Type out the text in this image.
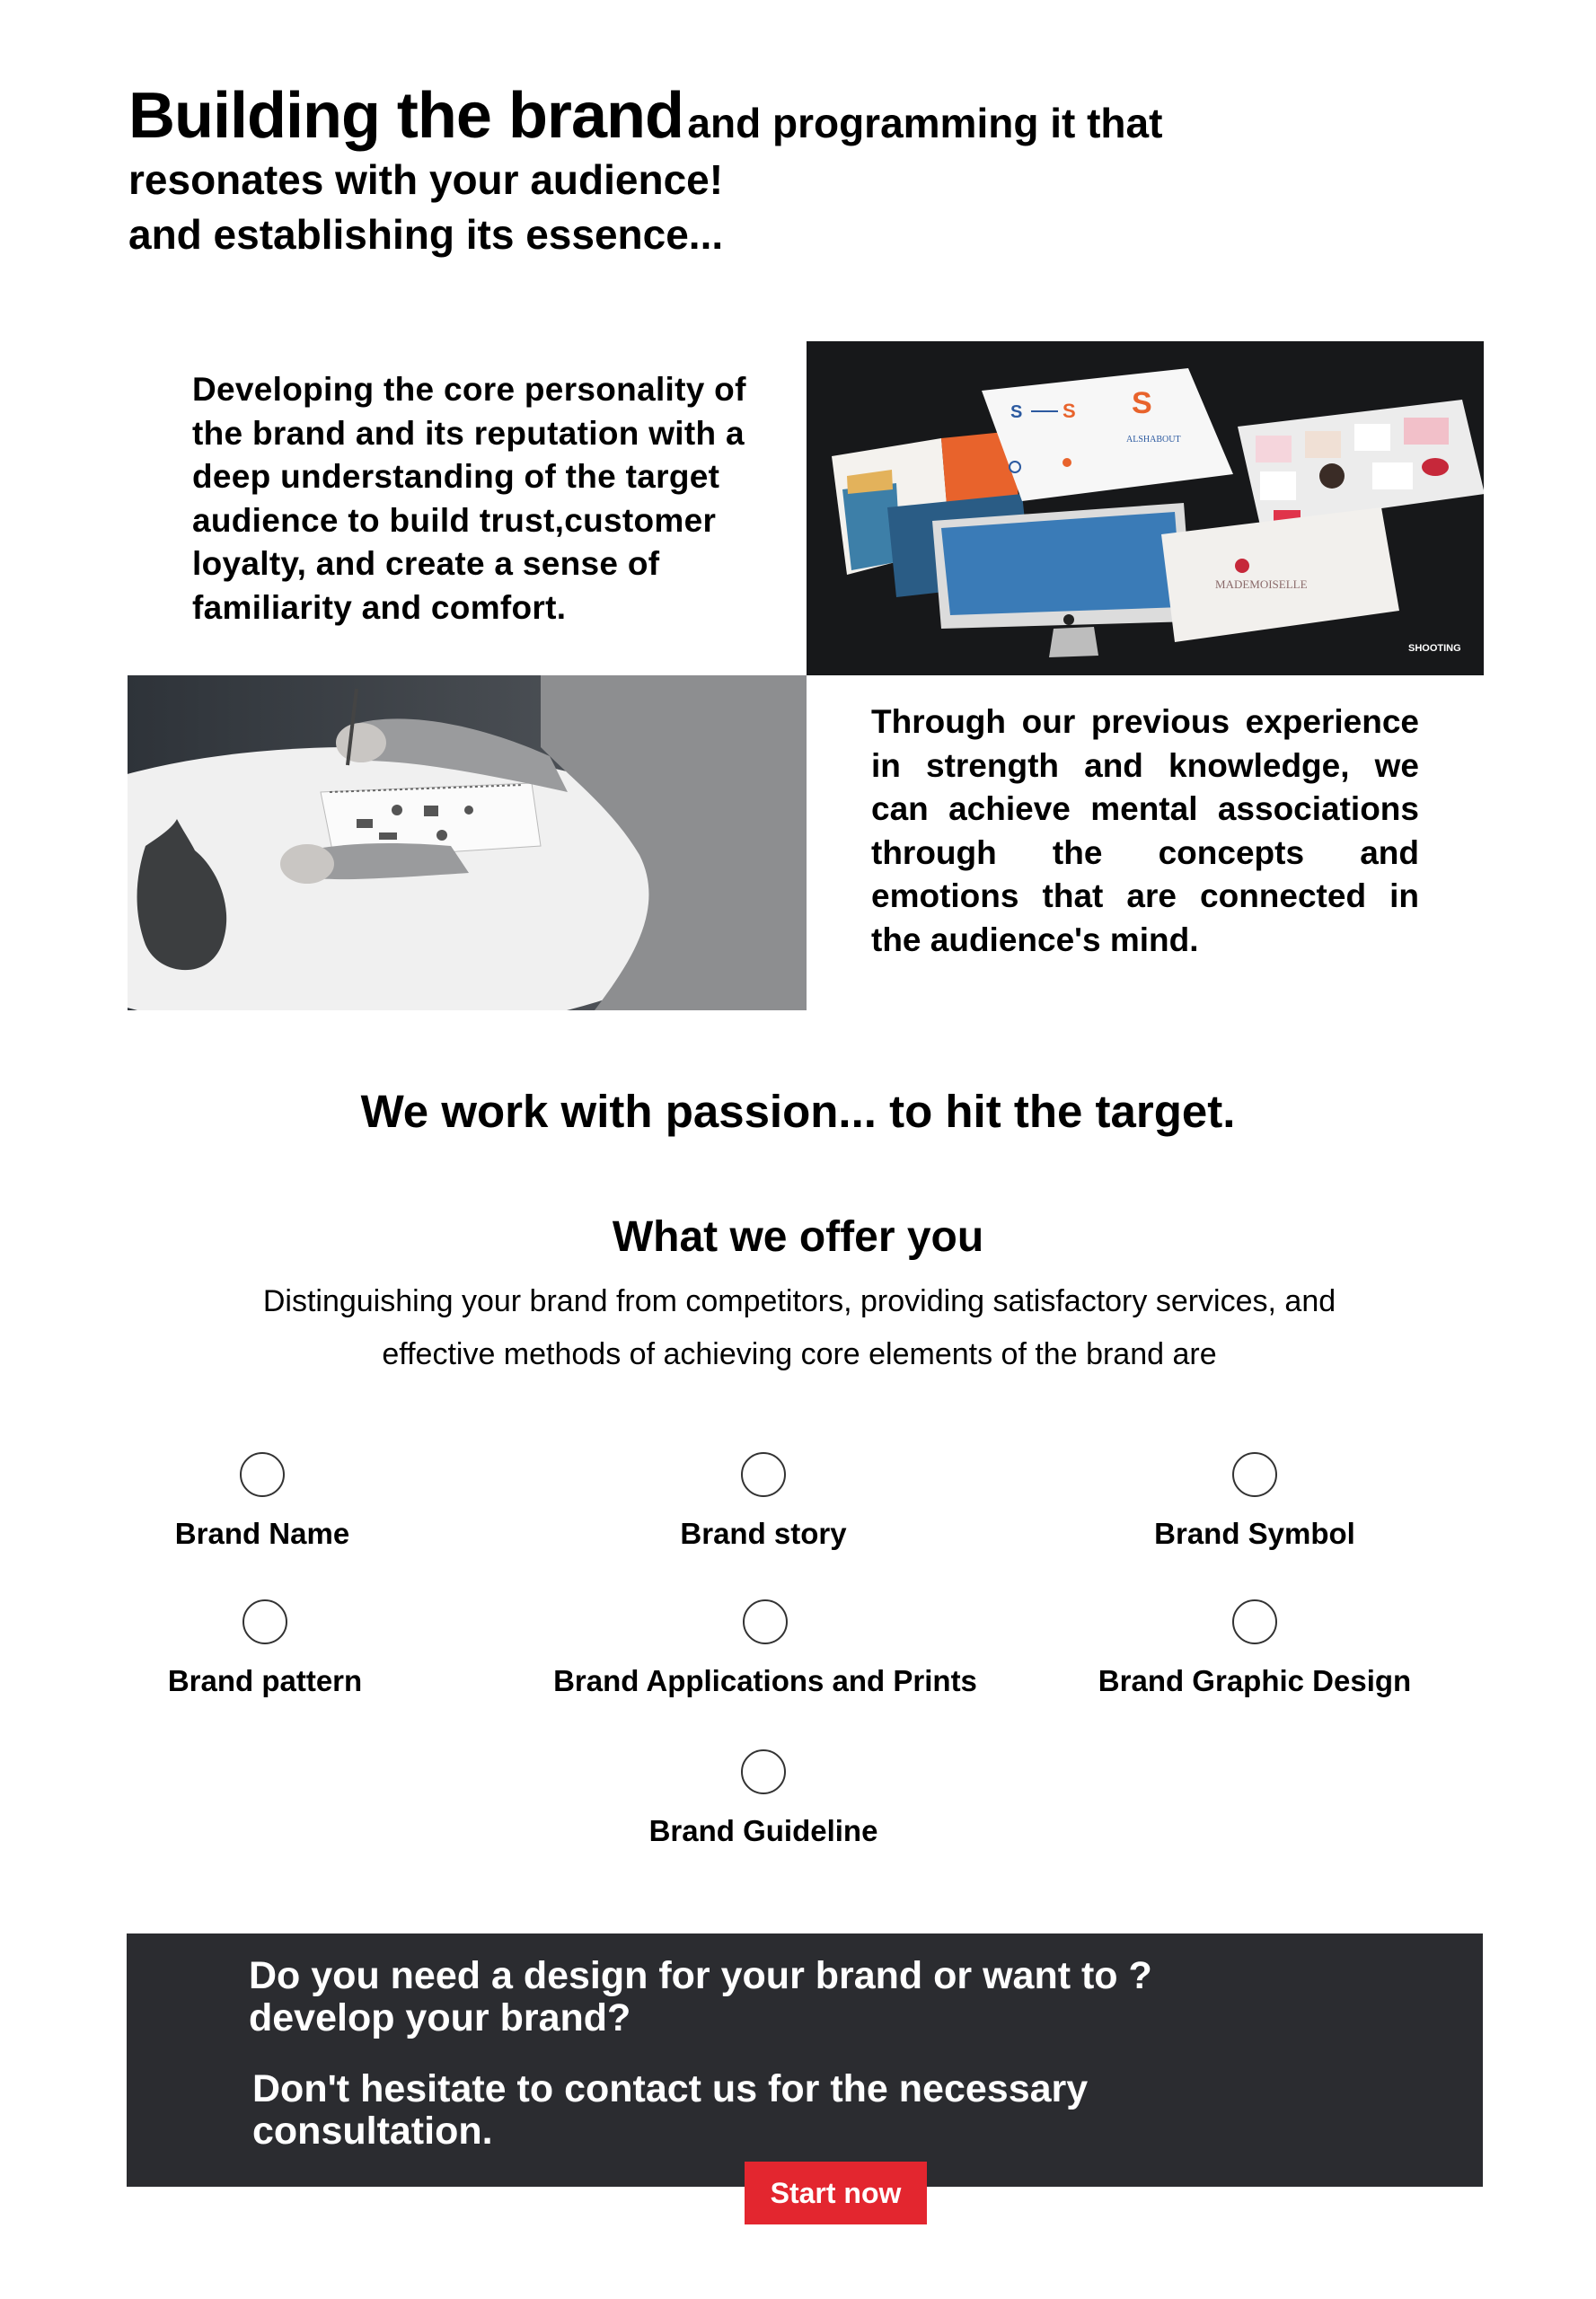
Building the brand and programming it that
resonates with your audience!
and establishing its essence...

Developing the core personality of the brand and its reputation with a deep understanding of the target audience to build trust,customer loyalty, and create a sense of familiarity and comfort.

S S S
ALSHABOUT
MADEMOISELLE
SHOOTING

Through our previous experience in strength and knowledge, we can achieve mental associations through the concepts and emotions that are connected in the audience's mind.

We work with passion... to hit the target.
What we offer you

Distinguishing your brand from competitors, providing satisfactory services, and effective methods of achieving core elements of the brand are

Brand Name	Brand story	Brand Symbol
Brand pattern	Brand Applications and Prints	Brand Graphic Design
Brand Guideline

Do you need a design for your brand or want to ? develop your brand?

Don't hesitate to contact us for the necessary consultation.

Start now
